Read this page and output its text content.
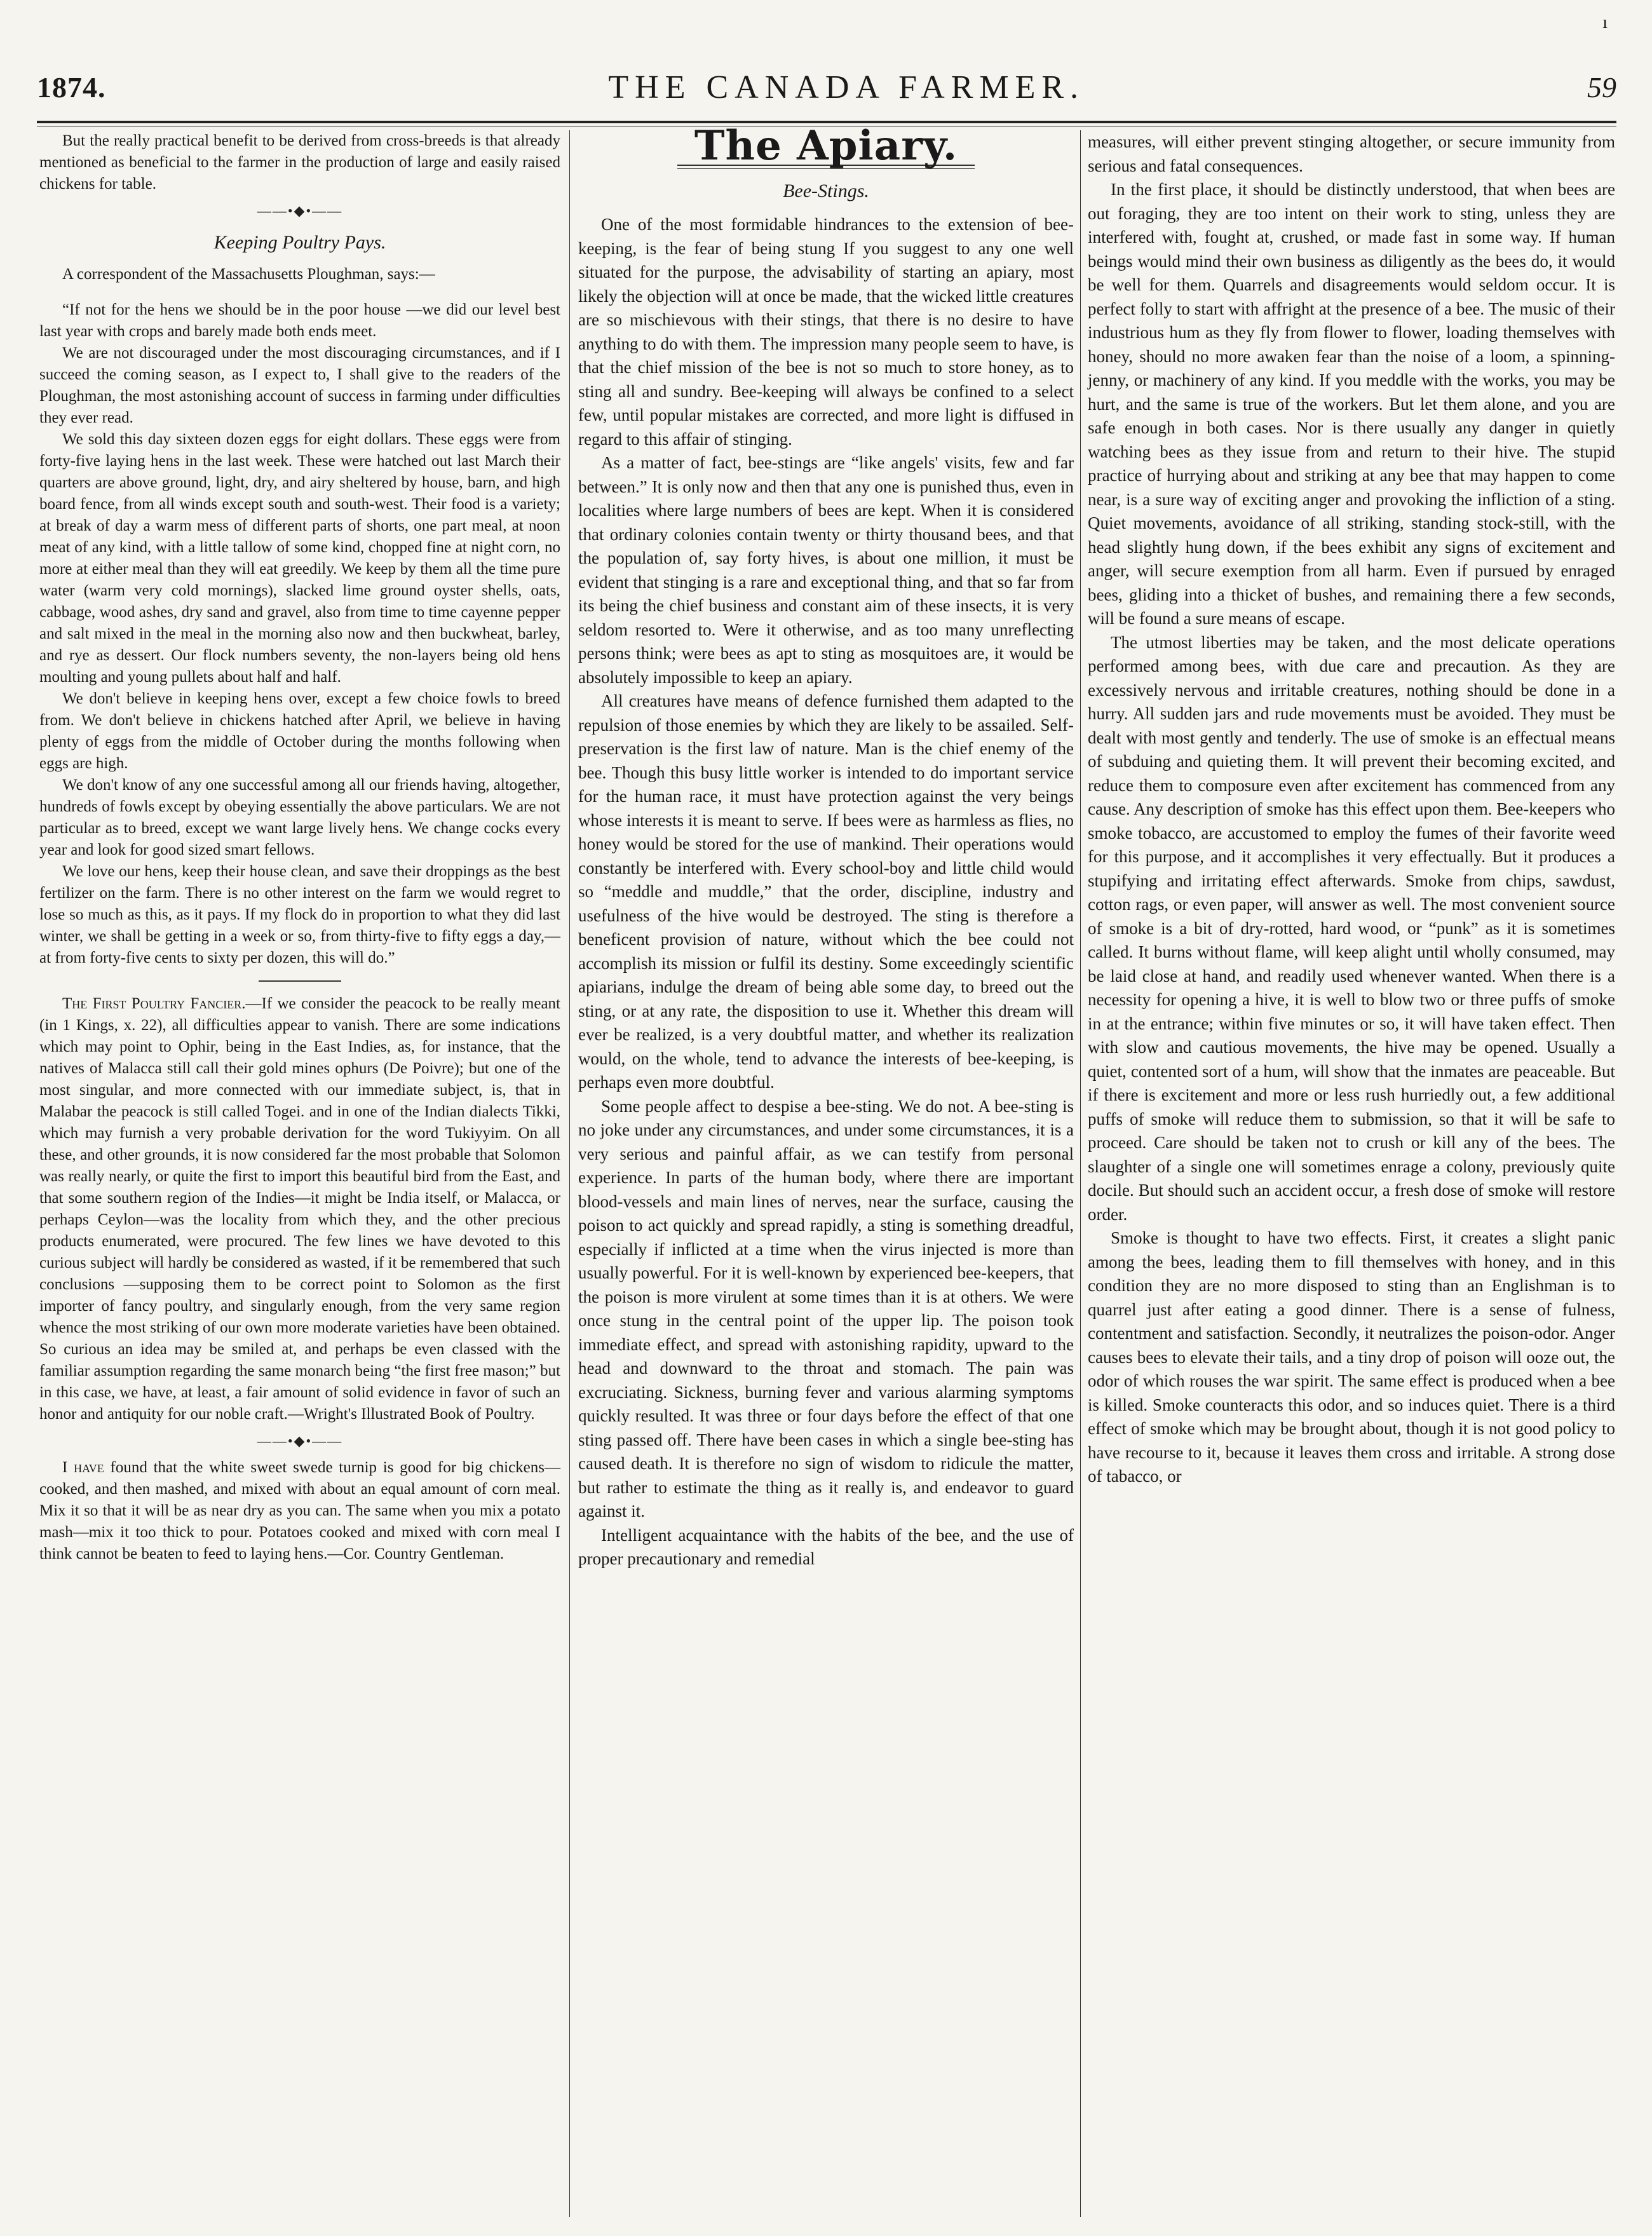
ı
1874.	THE CANADA FARMER.	59

But the really practical benefit to be derived from cross-breeds is that already mentioned as beneficial to the farmer in the production of large and easily raised chickens for table.

——•◆•——
Keeping Poultry Pays.

A correspondent of the Massachusetts Ploughman, says:—

“If not for the hens we should be in the poor house —we did our level best last year with crops and barely made both ends meet.

We are not discouraged under the most discouraging circumstances, and if I succeed the coming season, as I expect to, I shall give to the readers of the Ploughman, the most astonishing account of success in farming under difficulties they ever read.

We sold this day sixteen dozen eggs for eight dollars. These eggs were from forty-five laying hens in the last week. These were hatched out last March their quarters are above ground, light, dry, and airy sheltered by house, barn, and high board fence, from all winds except south and south-west. Their food is a variety; at break of day a warm mess of different parts of shorts, one part meal, at noon meat of any kind, with a little tallow of some kind, chopped fine at night corn, no more at either meal than they will eat greedily. We keep by them all the time pure water (warm very cold mornings), slacked lime ground oyster shells, oats, cabbage, wood ashes, dry sand and gravel, also from time to time cayenne pepper and salt mixed in the meal in the morning also now and then buckwheat, barley, and rye as dessert. Our flock numbers seventy, the non-layers being old hens moulting and young pullets about half and half.

We don't believe in keeping hens over, except a few choice fowls to breed from. We don't believe in chickens hatched after April, we believe in having plenty of eggs from the middle of October during the months following when eggs are high.

We don't know of any one successful among all our friends having, altogether, hundreds of fowls except by obeying essentially the above particulars. We are not particular as to breed, except we want large lively hens. We change cocks every year and look for good sized smart fellows.

We love our hens, keep their house clean, and save their droppings as the best fertilizer on the farm. There is no other interest on the farm we would regret to lose so much as this, as it pays. If my flock do in proportion to what they did last winter, we shall be getting in a week or so, from thirty-five to fifty eggs a day,—at from forty-five cents to sixty per dozen, this will do.”

The First Poultry Fancier.—If we consider the peacock to be really meant (in 1 Kings, x. 22), all difficulties appear to vanish. There are some indications which may point to Ophir, being in the East Indies, as, for instance, that the natives of Malacca still call their gold mines ophurs (De Poivre); but one of the most singular, and more connected with our immediate subject, is, that in Malabar the peacock is still called Togei. and in one of the Indian dialects Tikki, which may furnish a very probable derivation for the word Tukiyyim. On all these, and other grounds, it is now considered far the most probable that Solomon was really nearly, or quite the first to import this beautiful bird from the East, and that some southern region of the Indies—it might be India itself, or Malacca, or perhaps Ceylon—was the locality from which they, and the other precious products enumerated, were procured. The few lines we have devoted to this curious subject will hardly be considered as wasted, if it be remembered that such conclusions —supposing them to be correct point to Solomon as the first importer of fancy poultry, and singularly enough, from the very same region whence the most striking of our own more moderate varieties have been obtained. So curious an idea may be smiled at, and perhaps be even classed with the familiar assumption regarding the same monarch being “the first free mason;” but in this case, we have, at least, a fair amount of solid evidence in favor of such an honor and antiquity for our noble craft.—Wright's Illustrated Book of Poultry.

——•◆•——

I have found that the white sweet swede turnip is good for big chickens—cooked, and then mashed, and mixed with about an equal amount of corn meal. Mix it so that it will be as near dry as you can. The same when you mix a potato mash—mix it too thick to pour. Potatoes cooked and mixed with corn meal I think cannot be beaten to feed to laying hens.—Cor. Country Gentleman.

The Apiary.
Bee-Stings.

One of the most formidable hindrances to the extension of bee-keeping, is the fear of being stung If you suggest to any one well situated for the purpose, the advisability of starting an apiary, most likely the objection will at once be made, that the wicked little creatures are so mischievous with their stings, that there is no desire to have anything to do with them. The impression many people seem to have, is that the chief mission of the bee is not so much to store honey, as to sting all and sundry. Bee-keeping will always be confined to a select few, until popular mistakes are corrected, and more light is diffused in regard to this affair of stinging.

As a matter of fact, bee-stings are “like angels' visits, few and far between.” It is only now and then that any one is punished thus, even in localities where large numbers of bees are kept. When it is considered that ordinary colonies contain twenty or thirty thousand bees, and that the population of, say forty hives, is about one million, it must be evident that stinging is a rare and exceptional thing, and that so far from its being the chief business and constant aim of these insects, it is very seldom resorted to. Were it otherwise, and as too many unreflecting persons think; were bees as apt to sting as mosquitoes are, it would be absolutely impossible to keep an apiary.

All creatures have means of defence furnished them adapted to the repulsion of those enemies by which they are likely to be assailed. Self-preservation is the first law of nature. Man is the chief enemy of the bee. Though this busy little worker is intended to do important service for the human race, it must have protection against the very beings whose interests it is meant to serve. If bees were as harmless as flies, no honey would be stored for the use of mankind. Their operations would constantly be interfered with. Every school-boy and little child would so “meddle and muddle,” that the order, discipline, industry and usefulness of the hive would be destroyed. The sting is therefore a beneficent provision of nature, without which the bee could not accomplish its mission or fulfil its destiny. Some exceedingly scientific apiarians, indulge the dream of being able some day, to breed out the sting, or at any rate, the disposition to use it. Whether this dream will ever be realized, is a very doubtful matter, and whether its realization would, on the whole, tend to advance the interests of bee-keeping, is perhaps even more doubtful.

Some people affect to despise a bee-sting. We do not. A bee-sting is no joke under any circumstances, and under some circumstances, it is a very serious and painful affair, as we can testify from personal experience. In parts of the human body, where there are important blood-vessels and main lines of nerves, near the surface, causing the poison to act quickly and spread rapidly, a sting is something dreadful, especially if inflicted at a time when the virus injected is more than usually powerful. For it is well-known by experienced bee-keepers, that the poison is more virulent at some times than it is at others. We were once stung in the central point of the upper lip. The poison took immediate effect, and spread with astonishing rapidity, upward to the head and downward to the throat and stomach. The pain was excruciating. Sickness, burning fever and various alarming symptoms quickly resulted. It was three or four days before the effect of that one sting passed off. There have been cases in which a single bee-sting has caused death. It is therefore no sign of wisdom to ridicule the matter, but rather to estimate the thing as it really is, and endeavor to guard against it.

Intelligent acquaintance with the habits of the bee, and the use of proper precautionary and remedial

measures, will either prevent stinging altogether, or secure immunity from serious and fatal consequences.

In the first place, it should be distinctly understood, that when bees are out foraging, they are too intent on their work to sting, unless they are interfered with, fought at, crushed, or made fast in some way. If human beings would mind their own business as diligently as the bees do, it would be well for them. Quarrels and disagreements would seldom occur. It is perfect folly to start with affright at the presence of a bee. The music of their industrious hum as they fly from flower to flower, loading themselves with honey, should no more awaken fear than the noise of a loom, a spinning-jenny, or machinery of any kind. If you meddle with the works, you may be hurt, and the same is true of the workers. But let them alone, and you are safe enough in both cases. Nor is there usually any danger in quietly watching bees as they issue from and return to their hive. The stupid practice of hurrying about and striking at any bee that may happen to come near, is a sure way of exciting anger and provoking the infliction of a sting. Quiet movements, avoidance of all striking, standing stock-still, with the head slightly hung down, if the bees exhibit any signs of excitement and anger, will secure exemption from all harm. Even if pursued by enraged bees, gliding into a thicket of bushes, and remaining there a few seconds, will be found a sure means of escape.

The utmost liberties may be taken, and the most delicate operations performed among bees, with due care and precaution. As they are excessively nervous and irritable creatures, nothing should be done in a hurry. All sudden jars and rude movements must be avoided. They must be dealt with most gently and tenderly. The use of smoke is an effectual means of subduing and quieting them. It will prevent their becoming excited, and reduce them to composure even after excitement has commenced from any cause. Any description of smoke has this effect upon them. Bee-keepers who smoke tobacco, are accustomed to employ the fumes of their favorite weed for this purpose, and it accomplishes it very effectually. But it produces a stupifying and irritating effect afterwards. Smoke from chips, sawdust, cotton rags, or even paper, will answer as well. The most convenient source of smoke is a bit of dry-rotted, hard wood, or “punk” as it is sometimes called. It burns without flame, will keep alight until wholly consumed, may be laid close at hand, and readily used whenever wanted. When there is a necessity for opening a hive, it is well to blow two or three puffs of smoke in at the entrance; within five minutes or so, it will have taken effect. Then with slow and cautious movements, the hive may be opened. Usually a quiet, contented sort of a hum, will show that the inmates are peaceable. But if there is excitement and more or less rush hurriedly out, a few additional puffs of smoke will reduce them to submission, so that it will be safe to proceed. Care should be taken not to crush or kill any of the bees. The slaughter of a single one will sometimes enrage a colony, previously quite docile. But should such an accident occur, a fresh dose of smoke will restore order.

Smoke is thought to have two effects. First, it creates a slight panic among the bees, leading them to fill themselves with honey, and in this condition they are no more disposed to sting than an Englishman is to quarrel just after eating a good dinner. There is a sense of fulness, contentment and satisfaction. Secondly, it neutralizes the poison-odor. Anger causes bees to elevate their tails, and a tiny drop of poison will ooze out, the odor of which rouses the war spirit. The same effect is produced when a bee is killed. Smoke counteracts this odor, and so induces quiet. There is a third effect of smoke which may be brought about, though it is not good policy to have recourse to it, because it leaves them cross and irritable. A strong dose of tabacco, or
